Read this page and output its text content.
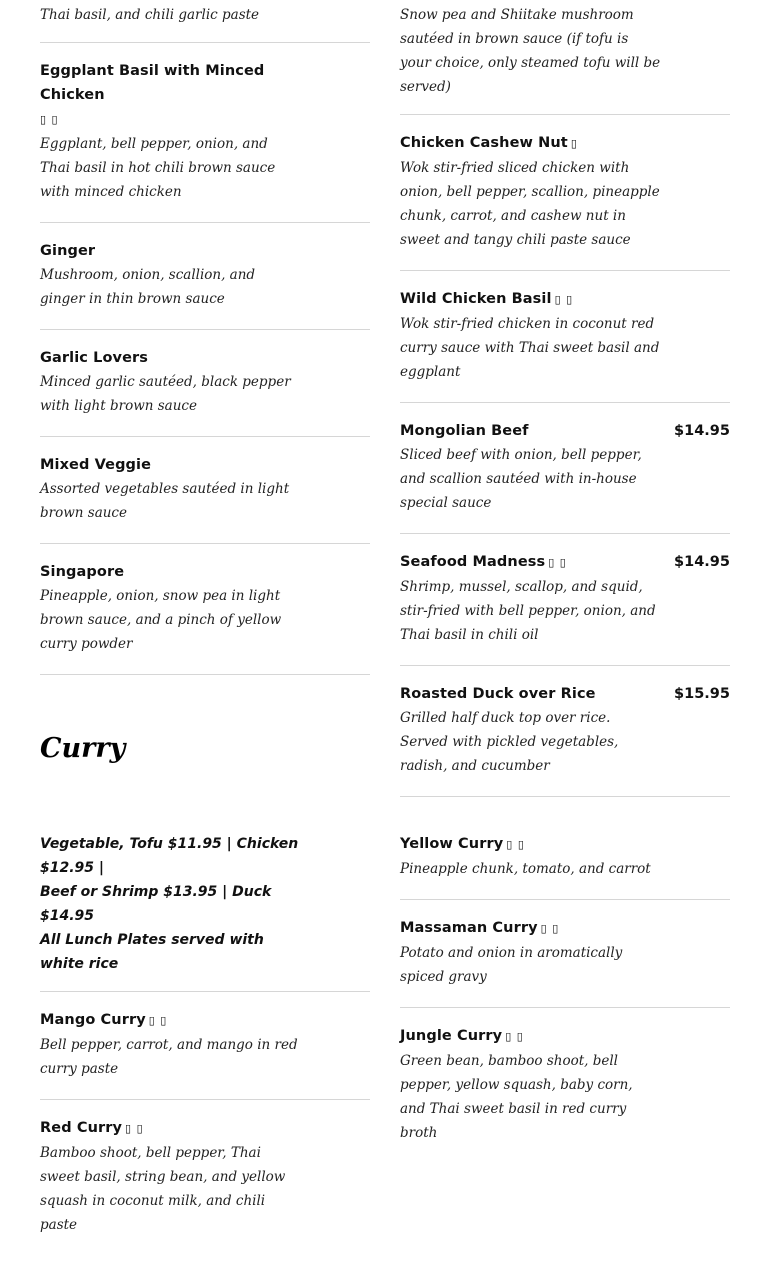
Thai basil, and chili garlic paste
Eggplant Basil with Minced Chicken
▯ ▯
Eggplant, bell pepper, onion, and Thai basil in hot chili brown sauce with minced chicken
Ginger
Mushroom, onion, scallion, and ginger in thin brown sauce
Garlic Lovers
Minced garlic sautéed, black pepper with light brown sauce
Mixed Veggie
Assorted vegetables sautéed in light brown sauce
Singapore
Pineapple, onion, snow pea in light brown sauce, and a pinch of yellow curry powder
Snow pea and Shiitake mushroom sautéed in brown sauce (if tofu is your choice, only steamed tofu will be served)
Chicken Cashew Nut ▯
Wok stir-fried sliced chicken with onion, bell pepper, scallion, pineapple chunk, carrot, and cashew nut in sweet and tangy chili paste sauce
Wild Chicken Basil ▯ ▯
Wok stir-fried chicken in coconut red curry sauce with Thai sweet basil and eggplant
Mongolian Beef	$14.95
Sliced beef with onion, bell pepper, and scallion sautéed with in-house special sauce
Seafood Madness ▯ ▯	$14.95
Shrimp, mussel, scallop, and squid, stir-fried with bell pepper, onion, and Thai basil in chili oil
Roasted Duck over Rice	$15.95
Grilled half duck top over rice. Served with pickled vegetables, radish, and cucumber
Curry
Vegetable, Tofu $11.95 | Chicken $12.95 |
Beef or Shrimp $13.95 | Duck $14.95
All Lunch Plates served with white rice
Mango Curry ▯ ▯
Bell pepper, carrot, and mango in red curry paste
Red Curry ▯ ▯
Bamboo shoot, bell pepper, Thai sweet basil, string bean, and yellow squash in coconut milk, and chili paste
Yellow Curry ▯ ▯
Pineapple chunk, tomato, and carrot
Massaman Curry ▯ ▯
Potato and onion in aromatically spiced gravy
Jungle Curry ▯ ▯
Green bean, bamboo shoot, bell pepper, yellow squash, baby corn, and Thai sweet basil in red curry broth
